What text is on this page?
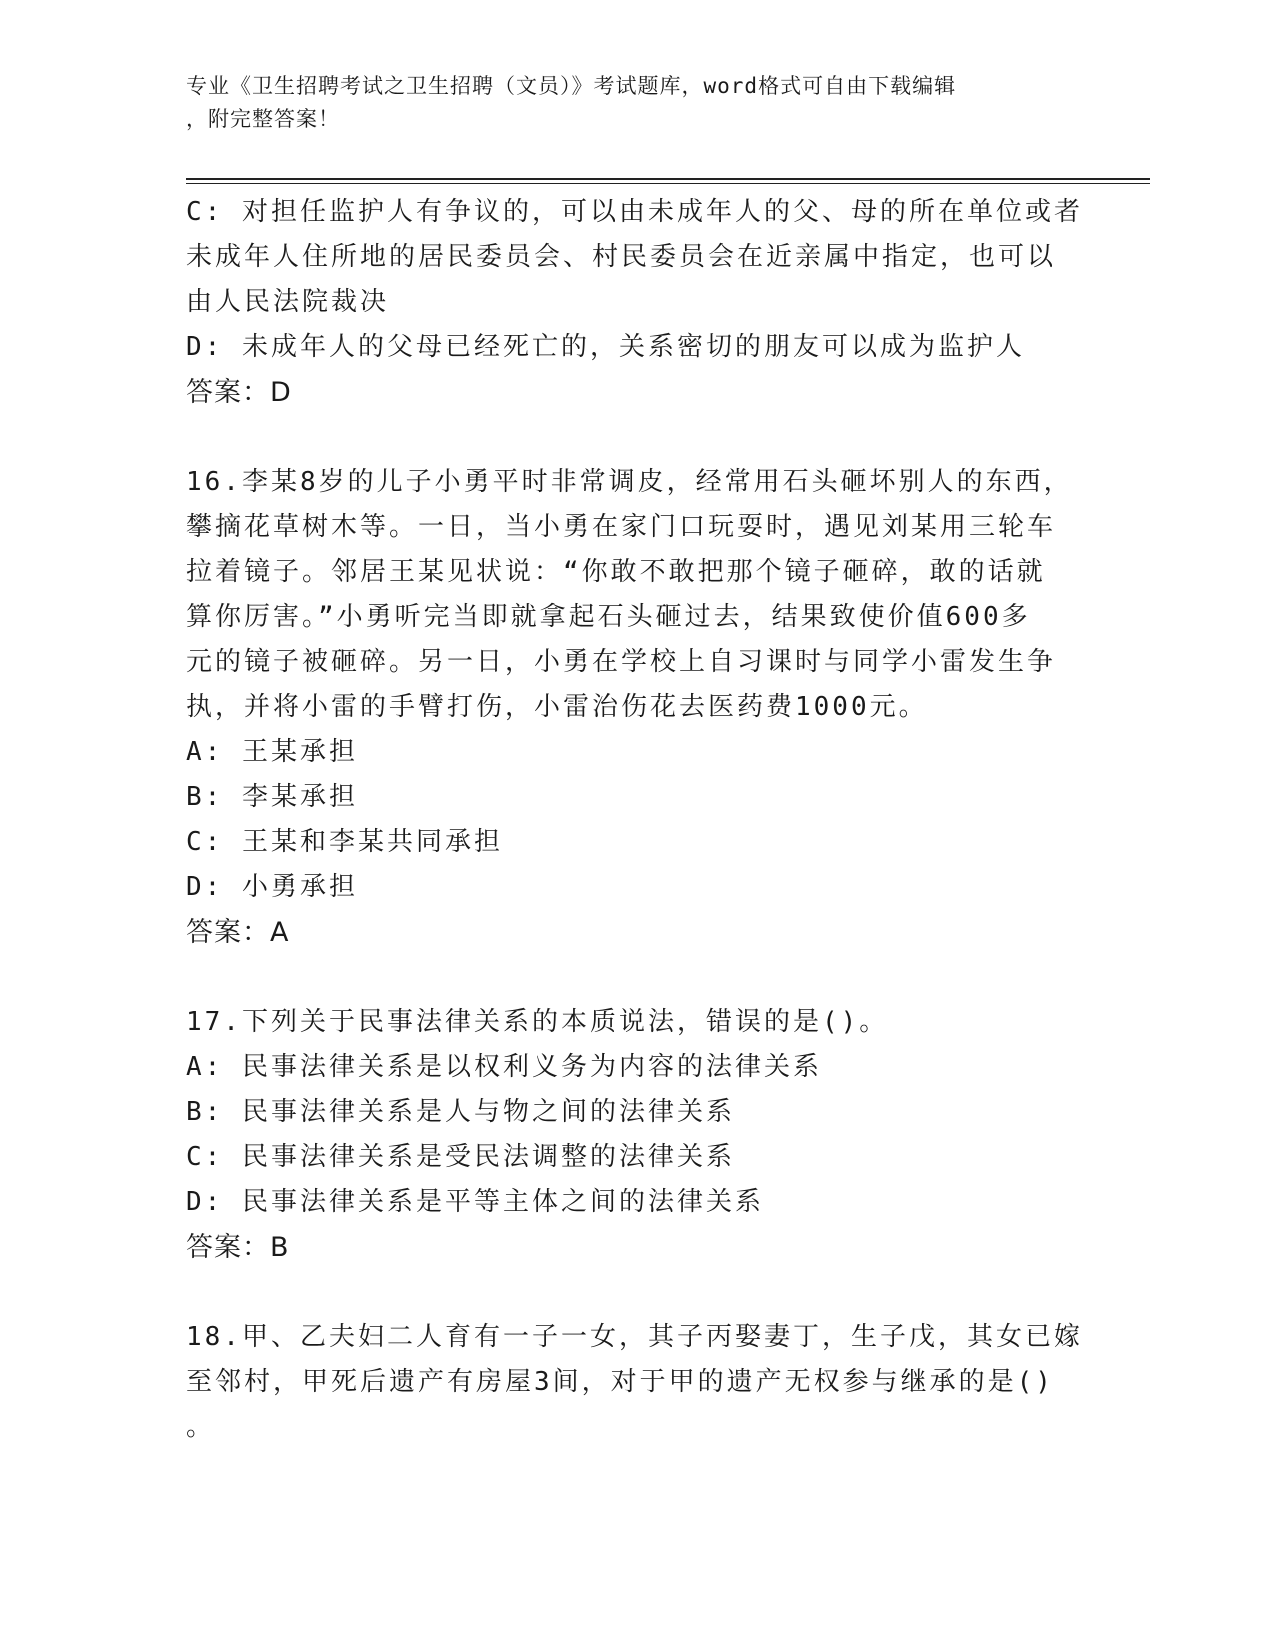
专业《卫生招聘考试之卫生招聘（文员）》考试题库，word格式可自由下载编辑
，附完整答案！
C: 对担任监护人有争议的，可以由未成年人的父、母的所在单位或者
未成年人住所地的居民委员会、村民委员会在近亲属中指定，也可以
由人民法院裁决
D: 未成年人的父母已经死亡的，关系密切的朋友可以成为监护人
答案：D
16.李某8岁的儿子小勇平时非常调皮，经常用石头砸坏别人的东西，
攀摘花草树木等。一日，当小勇在家门口玩耍时，遇见刘某用三轮车
拉着镜子。邻居王某见状说：“你敢不敢把那个镜子砸碎，敢的话就
算你厉害。”小勇听完当即就拿起石头砸过去，结果致使价值600多
元的镜子被砸碎。另一日，小勇在学校上自习课时与同学小雷发生争
执，并将小雷的手臂打伤，小雷治伤花去医药费1000元。
A: 王某承担
B: 李某承担
C: 王某和李某共同承担
D: 小勇承担
答案：A
17.下列关于民事法律关系的本质说法，错误的是()。
A: 民事法律关系是以权利义务为内容的法律关系
B: 民事法律关系是人与物之间的法律关系
C: 民事法律关系是受民法调整的法律关系
D: 民事法律关系是平等主体之间的法律关系
答案：B
18.甲、乙夫妇二人育有一子一女，其子丙娶妻丁，生子戊，其女已嫁
至邻村，甲死后遗产有房屋3间，对于甲的遗产无权参与继承的是()
。
